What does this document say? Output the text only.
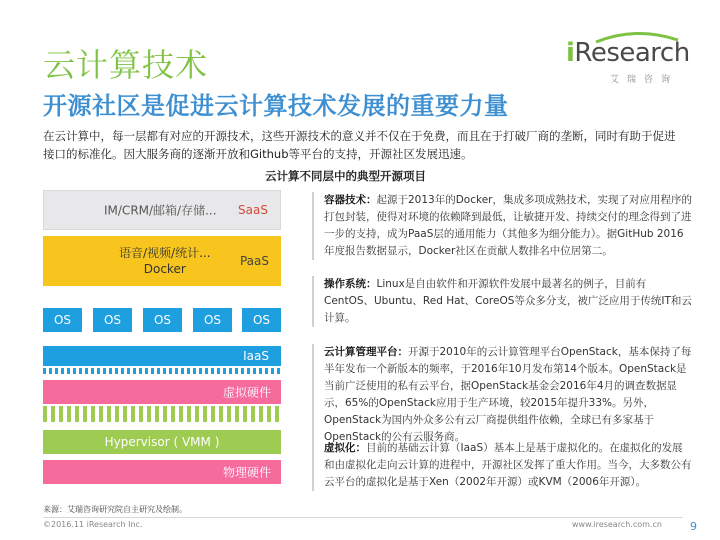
云计算技术
开源社区是促进云计算技术发展的重要力量
iResearch
艾瑞咨询
在云计算中，每一层都有对应的开源技术，这些开源技术的意义并不仅在于免费，而且在于打破厂商的垄断，同时有助于促进接口的标准化。因大服务商的逐渐开放和Github等平台的支持，开源社区发展迅速。
云计算不同层中的典型开源项目
IM/CRM/邮箱/存储... SaaS
语音/视频/统计...
Docker
PaaS
OS	OS	OS	OS	OS
IaaS
虚拟硬件
Hypervisor ( VMM )
物理硬件
容器技术：起源于2013年的Docker，集成多项成熟技术，实现了对应用程序的打包封装，使得对环境的依赖降到最低，让敏捷开发、持续交付的理念得到了进一步的支持，成为PaaS层的通用能力（其他多为细分能力）。据GitHub 2016年度报告数据显示，Docker社区在贡献人数排名中位居第二。
操作系统：Linux是自由软件和开源软件发展中最著名的例子，目前有CentOS、Ubuntu、Red Hat、CoreOS等众多分支，被广泛应用于传统IT和云计算。
云计算管理平台：开源于2010年的云计算管理平台OpenStack，基本保持了每半年发布一个新版本的频率，于2016年10月发布第14个版本。OpenStack是当前广泛使用的私有云平台，据OpenStack基金会2016年4月的调查数据显示，65%的OpenStack应用于生产环境，较2015年提升33%。另外，OpenStack为国内外众多公有云厂商提供组件依赖，全球已有多家基于OpenStack的公有云服务商。
虚拟化：目前的基础云计算（IaaS）基本上是基于虚拟化的。在虚拟化的发展和由虚拟化走向云计算的进程中，开源社区发挥了重大作用。当今，大多数公有云平台的虚拟化是基于Xen（2002年开源）或KVM（2006年开源）。
来源：艾瑞咨询研究院自主研究及绘制。
©2016.11 iResearch Inc.	www.iresearch.com.cn	9
